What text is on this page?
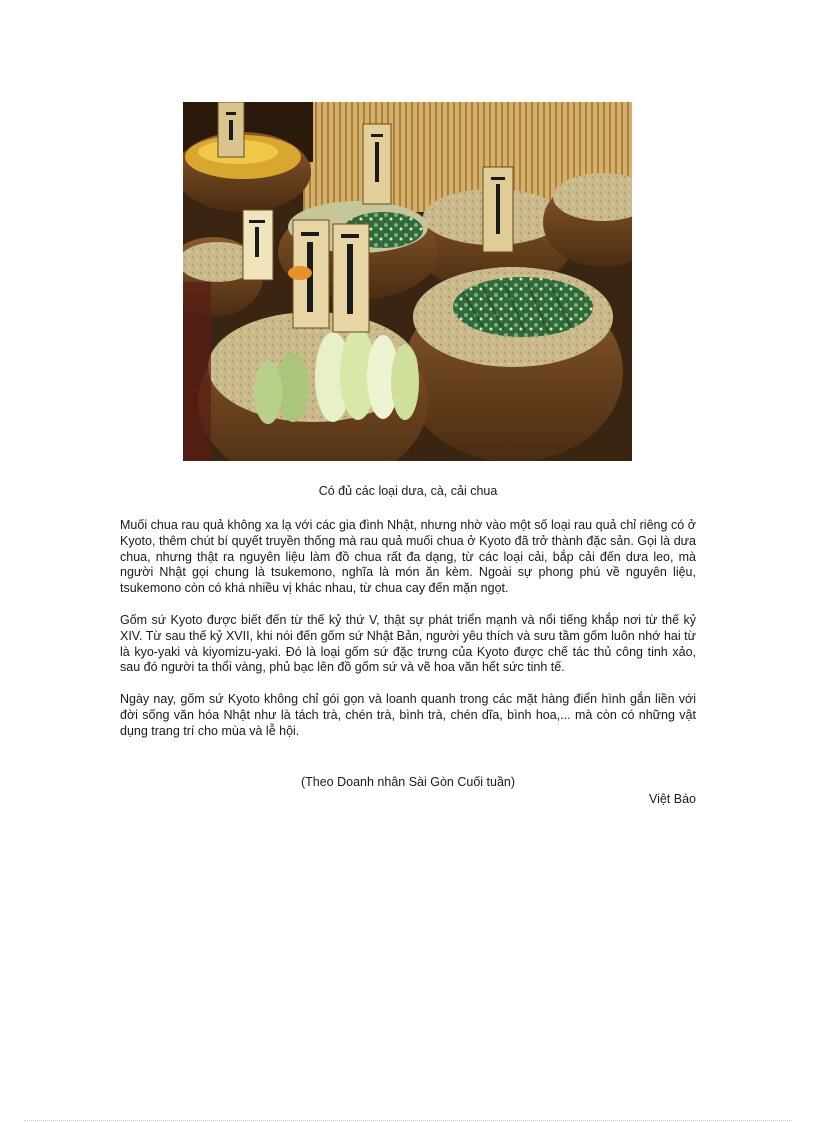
Có đủ các loại dưa, cà, cải chua

Muối chua rau quả không xa lạ với các gia đình Nhật, nhưng nhờ vào một số loại rau quả chỉ riêng có ở Kyoto, thêm chút bí quyết truyền thống mà rau quả muối chua ở Kyoto đã trở thành đặc sản. Gọi là dưa chua, nhưng thật ra nguyên liệu làm đồ chua rất đa dạng, từ các loại cải, bắp cải đến dưa leo, mà người Nhật gọi chung là tsukemono, nghĩa là món ăn kèm. Ngoài sự phong phú về nguyên liệu, tsukemono còn có khá nhiều vị khác nhau, từ chua cay đến mặn ngọt.

Gốm sứ Kyoto được biết đến từ thế kỷ thứ V, thật sự phát triển mạnh và nổi tiếng khắp nơi từ thế kỷ XIV. Từ sau thế kỷ XVII, khi nói đến gốm sứ Nhật Bản, người yêu thích và sưu tầm gốm luôn nhớ hai từ là kyo-yaki và kiyomizu-yaki. Đó là loại gốm sứ đặc trưng của Kyoto được chế tác thủ công tinh xảo, sau đó người ta thổi vàng, phủ bạc lên đồ gốm sứ và vẽ hoa văn hết sức tinh tế.

Ngày nay, gốm sứ Kyoto không chỉ gói gọn và loanh quanh trong các mặt hàng điển hình gắn liền với đời sống văn hóa Nhật như là tách trà, chén trà, bình trà, chén dĩa, bình hoa,... mà còn có những vật dụng trang trí cho mùa và lễ hội.

(Theo Doanh nhân Sài Gòn Cuối tuần)
Việt Báo
